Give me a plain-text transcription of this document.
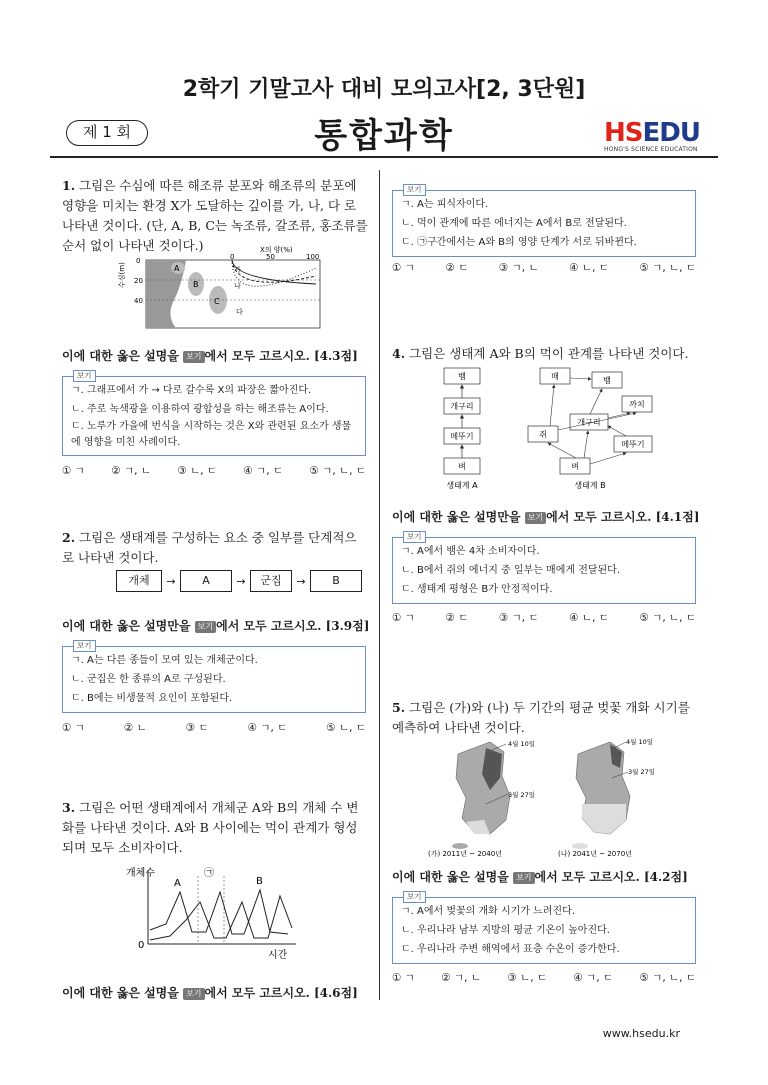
2학기 기말고사 대비 모의고사[2, 3단원]
제 1 회	통합과학	HSEDU
HONG'S SCIENCE EDUCATION
1. 그림은 수심에 따른 해조류 분포와 해조류의 분포에 영향을 미치는 환경 X가 도달하는 깊이를 가, 나, 다 로 나타낸 것이다. (단, A, B, C는 녹조류, 갈조류, 홍조류를 순서 없이 나타낸 것이다.)	X의 양(%)
0	50	100
수심(m)
0
20
40
A
B
C
가
나
다
이에 대한 옳은 설명을 보기 에서 모두 고르시오. [4.3점]
보기
ㄱ. 그래프에서 가 → 다로 갈수록 X의 파장은 짧아진다.
ㄴ. 주로 녹색광을 이용하여 광합성을 하는 해조류는 A이다.
ㄷ. 노루가 가을에 번식을 시작하는 것은 X와 관련된 요소가 생물에 영향을 미친 사례이다.
① ㄱ	② ㄱ, ㄴ	③ ㄴ, ㄷ	④ ㄱ, ㄷ	⑤ ㄱ, ㄴ, ㄷ
2. 그림은 생태계를 구성하는 요소 중 일부를 단계적으로 나타낸 것이다.
개체	→	A	→	군집	→	B
이에 대한 옳은 설명만을 보기 에서 모두 고르시오. [3.9점]
보기
ㄱ. A는 다른 종들이 모여 있는 개체군이다.
ㄴ. 군집은 한 종류의 A로 구성된다.
ㄷ. B에는 비생물적 요인이 포함된다.
① ㄱ	② ㄴ	③ ㄷ	④ ㄱ, ㄷ	⑤ ㄴ, ㄷ
3. 그림은 어떤 생태계에서 개체군 A와 B의 개체 수 변화를 나타낸 것이다. A와 B 사이에는 먹이 관계가 형성되며 모두 소비자이다.
개체수
0
시간
A	B
㉠
이에 대한 옳은 설명을 보기 에서 모두 고르시오. [4.6점]
보기
ㄱ. A는 피식자이다.
ㄴ. 먹이 관계에 따른 에너지는 A에서 B로 전달된다.
ㄷ. ㉠구간에서는 A와 B의 영양 단계가 서로 뒤바뀐다.
① ㄱ	② ㄷ	③ ㄱ, ㄴ	④ ㄴ, ㄷ	⑤ ㄱ, ㄴ, ㄷ
4. 그림은 생태계 A와 B의 먹이 관계를 나타낸 것이다.
뱀
개구리
메뚜기
벼
생태계 A
매	뱀
까치
개구리
쥐
메뚜기
벼
생태계 B
이에 대한 옳은 설명만을 보기 에서 모두 고르시오. [4.1점]
보기
ㄱ. A에서 뱀은 4차 소비자이다.
ㄴ. B에서 쥐의 에너지 중 일부는 매에게 전달된다.
ㄷ. 생태계 평형은 B가 안정적이다.
① ㄱ	② ㄷ	③ ㄱ, ㄷ	④ ㄴ, ㄷ	⑤ ㄱ, ㄴ, ㄷ
5. 그림은 (가)와 (나) 두 기간의 평균 벚꽃 개화 시기를 예측하여 나타낸 것이다.
4월 10일
3월 27일
(가) 2011년 ~ 2040년
4월 10일
3월 27일
(나) 2041년 ~ 2070년
이에 대한 옳은 설명을 보기 에서 모두 고르시오. [4.2점]
보기
ㄱ. A에서 벚꽃의 개화 시기가 느려진다.
ㄴ. 우리나라 남부 지방의 평균 기온이 높아진다.
ㄷ. 우리나라 주변 해역에서 표층 수온이 증가한다.
① ㄱ	② ㄱ, ㄴ	③ ㄴ, ㄷ	④ ㄱ, ㄷ	⑤ ㄱ, ㄴ, ㄷ
www.hsedu.kr
